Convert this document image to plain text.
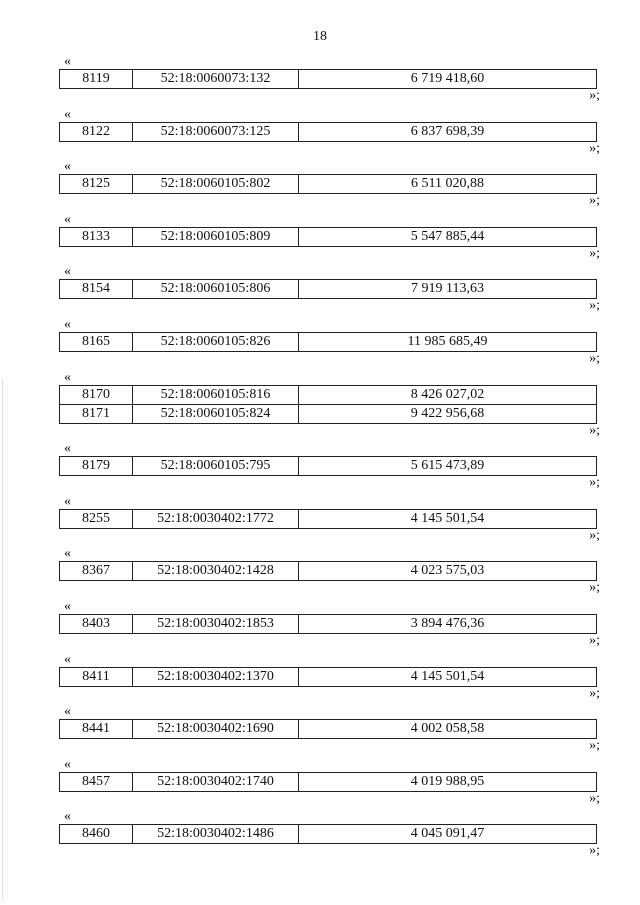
18
«
8119	52:18:0060073:132	6 719 418,60
»;
«
8122	52:18:0060073:125	6 837 698,39
»;
«
8125	52:18:0060105:802	6 511 020,88
»;
«
8133	52:18:0060105:809	5 547 885,44
»;
«
8154	52:18:0060105:806	7 919 113,63
»;
«
8165	52:18:0060105:826	11 985 685,49
»;
«
8170	52:18:0060105:816	8 426 027,02
8171	52:18:0060105:824	9 422 956,68
»;
«
8179	52:18:0060105:795	5 615 473,89
»;
«
8255	52:18:0030402:1772	4 145 501,54
»;
«
8367	52:18:0030402:1428	4 023 575,03
»;
«
8403	52:18:0030402:1853	3 894 476,36
»;
«
8411	52:18:0030402:1370	4 145 501,54
»;
«
8441	52:18:0030402:1690	4 002 058,58
»;
«
8457	52:18:0030402:1740	4 019 988,95
»;
«
8460	52:18:0030402:1486	4 045 091,47
»;
